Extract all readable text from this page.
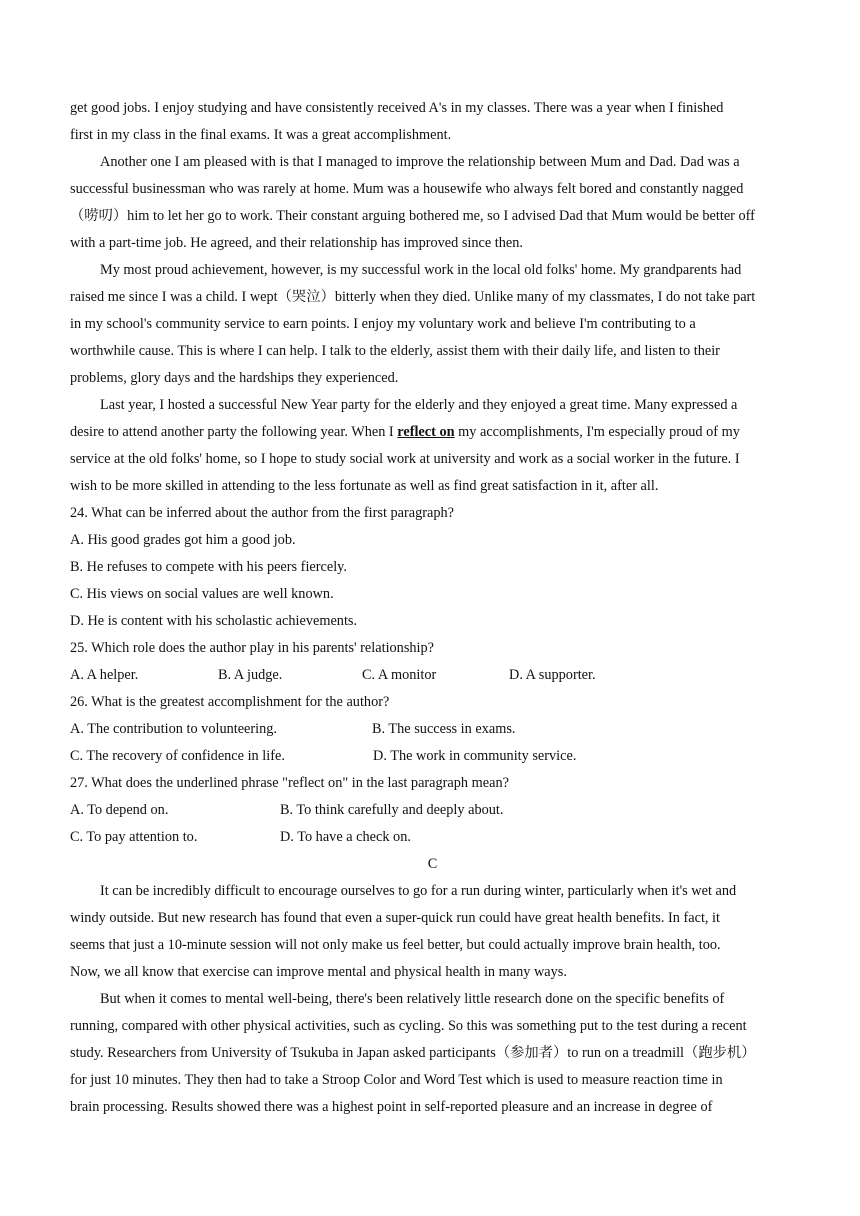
get good jobs. I enjoy studying and have consistently received A's in my classes. There was a year when I finished
first in my class in the final exams. It was a great accomplishment.
Another one I am pleased with is that I managed to improve the relationship between Mum and Dad. Dad was a
successful businessman who was rarely at home. Mum was a housewife who always felt bored and constantly nagged
（唠叨）him to let her go to work. Their constant arguing bothered me, so I advised Dad that Mum would be better off
with a part-time job. He agreed, and their relationship has improved since then.
My most proud achievement, however, is my successful work in the local old folks' home. My grandparents had
raised me since I was a child. I wept（哭泣）bitterly when they died. Unlike many of my classmates, I do not take part
in my school's community service to earn points. I enjoy my voluntary work and believe I'm contributing to a
worthwhile cause. This is where I can help. I talk to the elderly, assist them with their daily life, and listen to their
problems, glory days and the hardships they experienced.
Last year, I hosted a successful New Year party for the elderly and they enjoyed a great time. Many expressed a
desire to attend another party the following year. When I reflect on my accomplishments, I'm especially proud of my
service at the old folks' home, so I hope to study social work at university and work as a social worker in the future. I
wish to be more skilled in attending to the less fortunate as well as find great satisfaction in it, after all.
24. What can be inferred about the author from the first paragraph?
A. His good grades got him a good job.
B. He refuses to compete with his peers fiercely.
C. His views on social values are well known.
D. He is content with his scholastic achievements.
25. Which role does the author play in his parents' relationship?
A. A helper.	B. A judge.	C. A monitor	D. A supporter.
26. What is the greatest accomplishment for the author?
A. The contribution to volunteering.	B. The success in exams.
C. The recovery of confidence in life.	D. The work in community service.
27. What does the underlined phrase "reflect on" in the last paragraph mean?
A. To depend on.	B. To think carefully and deeply about.
C. To pay attention to.	D. To have a check on.
C
It can be incredibly difficult to encourage ourselves to go for a run during winter, particularly when it's wet and
windy outside. But new research has found that even a super-quick run could have great health benefits. In fact, it
seems that just a 10-minute session will not only make us feel better, but could actually improve brain health, too.
Now, we all know that exercise can improve mental and physical health in many ways.
But when it comes to mental well-being, there's been relatively little research done on the specific benefits of
running, compared with other physical activities, such as cycling. So this was something put to the test during a recent
study. Researchers from University of Tsukuba in Japan asked participants（参加者）to run on a treadmill（跑步机）
for just 10 minutes. They then had to take a Stroop Color and Word Test which is used to measure reaction time in
brain processing. Results showed there was a highest point in self-reported pleasure and an increase in degree of
